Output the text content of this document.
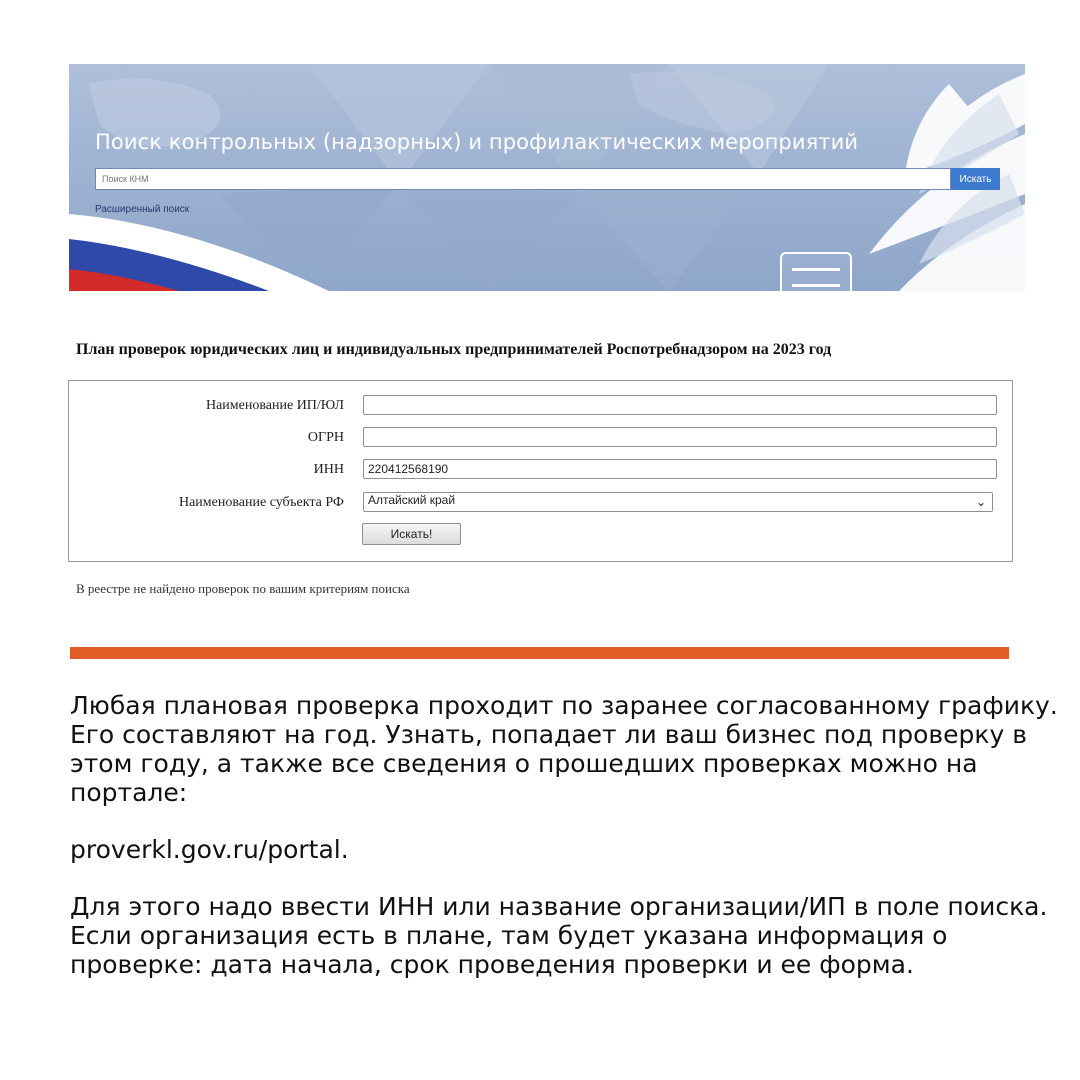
Поиск контрольных (надзорных) и профилактических мероприятий
Поиск КНМ
Искать
Расширенный поиск
План проверок юридических лиц и индивидуальных предпринимателей Роспотребнадзором на 2023 год
Наименование ИП/ЮЛ
ОГРН
ИНН
220412568190
Наименование субъекта РФ	Алтайский край	⌄
Искать!
В реестре не найдено проверок по вашим критериям поиска

Любая плановая проверка проходит по заранее согласованному графику. Его составляют на год. Узнать, попадает ли ваш бизнес под проверку в этом году, а также все сведения о прошедших проверках можно на портале:

proverkl.gov.ru/portal.

Для этого надо ввести ИНН или название организации/ИП в поле поиска. Если организация есть в плане, там будет указана информация о проверке: дата начала, срок проведения проверки и ее форма.
